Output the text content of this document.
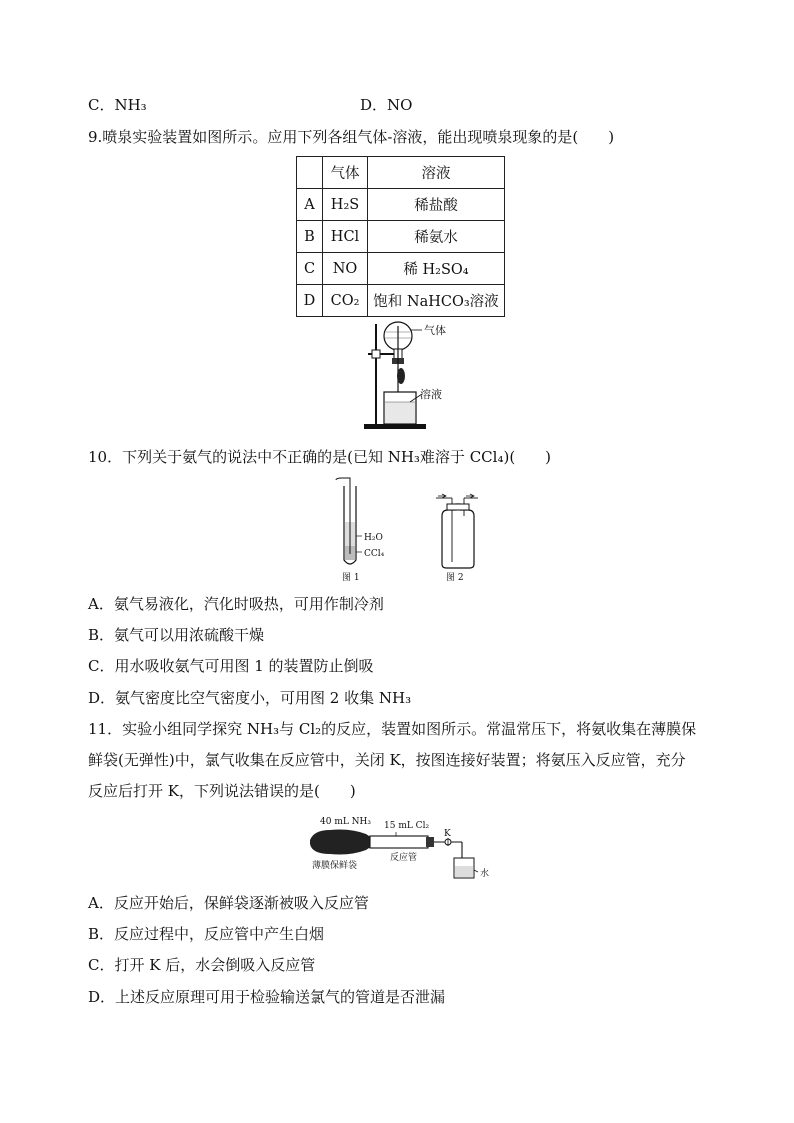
C．NH₃	D．NO
9.喷泉实验装置如图所示。应用下列各组气体-溶液，能出现喷泉现象的是(　　)
	气体	溶液
A	H₂S	稀盐酸
B	HCl	稀氨水
C	NO	稀 H₂SO₄
D	CO₂	饱和 NaHCO₃溶液
气体
溶液
10．下列关于氨气的说法中不正确的是(已知 NH₃难溶于 CCl₄)(　　)
H₂O
CCl₄
图 1	图 2
A．氨气易液化，汽化时吸热，可用作制冷剂
B．氨气可以用浓硫酸干燥
C．用水吸收氨气可用图 1 的装置防止倒吸
D．氨气密度比空气密度小，可用图 2 收集 NH₃
11．实验小组同学探究 NH₃与 Cl₂的反应，装置如图所示。常温常压下，将氨收集在薄膜保
鲜袋(无弹性)中，氯气收集在反应管中，关闭 K，按图连接好装置；将氨压入反应管，充分
反应后打开 K，下列说法错误的是(　　)
40 mL NH₃ 15 mL Cl₂
K
水
反应管
薄膜保鲜袋
A．反应开始后，保鲜袋逐渐被吸入反应管
B．反应过程中，反应管中产生白烟
C．打开 K 后，水会倒吸入反应管
D．上述反应原理可用于检验输送氯气的管道是否泄漏
